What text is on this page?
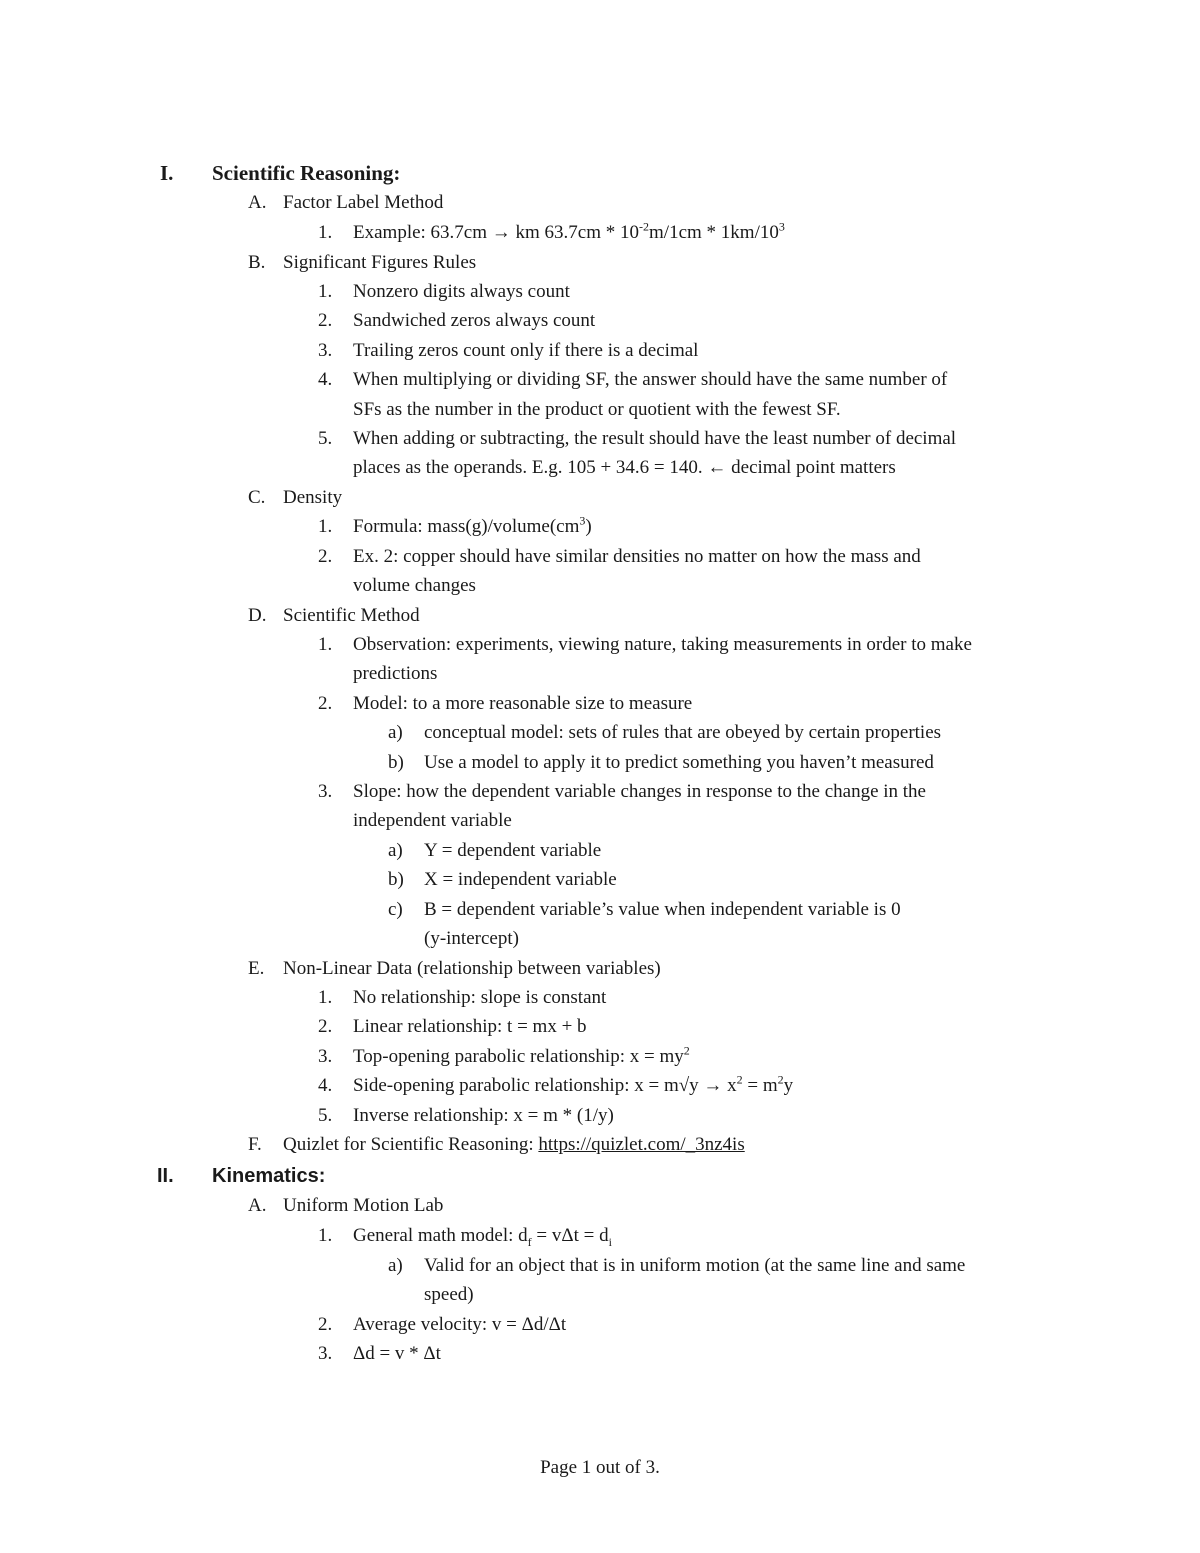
I. Scientific Reasoning:
A. Factor Label Method
1. Example: 63.7cm → km $63.7cm * 10^{-2}m/1cm * 1km/10^3$
B. Significant Figures Rules
1. Nonzero digits always count
2. Sandwiched zeros always count
3. Trailing zeros count only if there is a decimal
4. When multiplying or dividing SF, the answer should have the same number of
SFs as the number in the product or quotient with the fewest SF.
5. When adding or subtracting, the result should have the least number of decimal
places as the operands. E.g. 105 + 34.6 = 140. ← decimal point matters
C. Density
1. Formula: $mass(g)/volume(cm^3)$
2. Ex. 2: copper should have similar densities no matter on how the mass and
volume changes
D. Scientific Method
1. Observation: experiments, viewing nature, taking measurements in order to make
predictions
2. Model: to a more reasonable size to measure
a) conceptual model: sets of rules that are obeyed by certain properties
b) Use a model to apply it to predict something you haven’t measured
3. Slope: how the dependent variable changes in response to the change in the
independent variable
a) Y = dependent variable
b) X = independent variable
c) B = dependent variable’s value when independent variable is 0
(y-intercept)
E. Non-Linear Data (relationship between variables)
1. No relationship: slope is constant
2. Linear relationship: t = mx + b
3. Top-opening parabolic relationship: $x = my^2$
4. Side-opening parabolic relationship: $x = m√y \to x^2 = m^2y$
5. Inverse relationship: x = m * (1/y)
F. Quizlet for Scientific Reasoning: https://quizlet.com/_3nz4is
II. Kinematics:
A. Uniform Motion Lab
1. General math model: $d_f = v\Delta t = d_i$
a) Valid for an object that is in uniform motion (at the same line and same
speed)
2. Average velocity: v = Δd/Δt
3. Δd = v * Δt
Page 1 out of 3.
